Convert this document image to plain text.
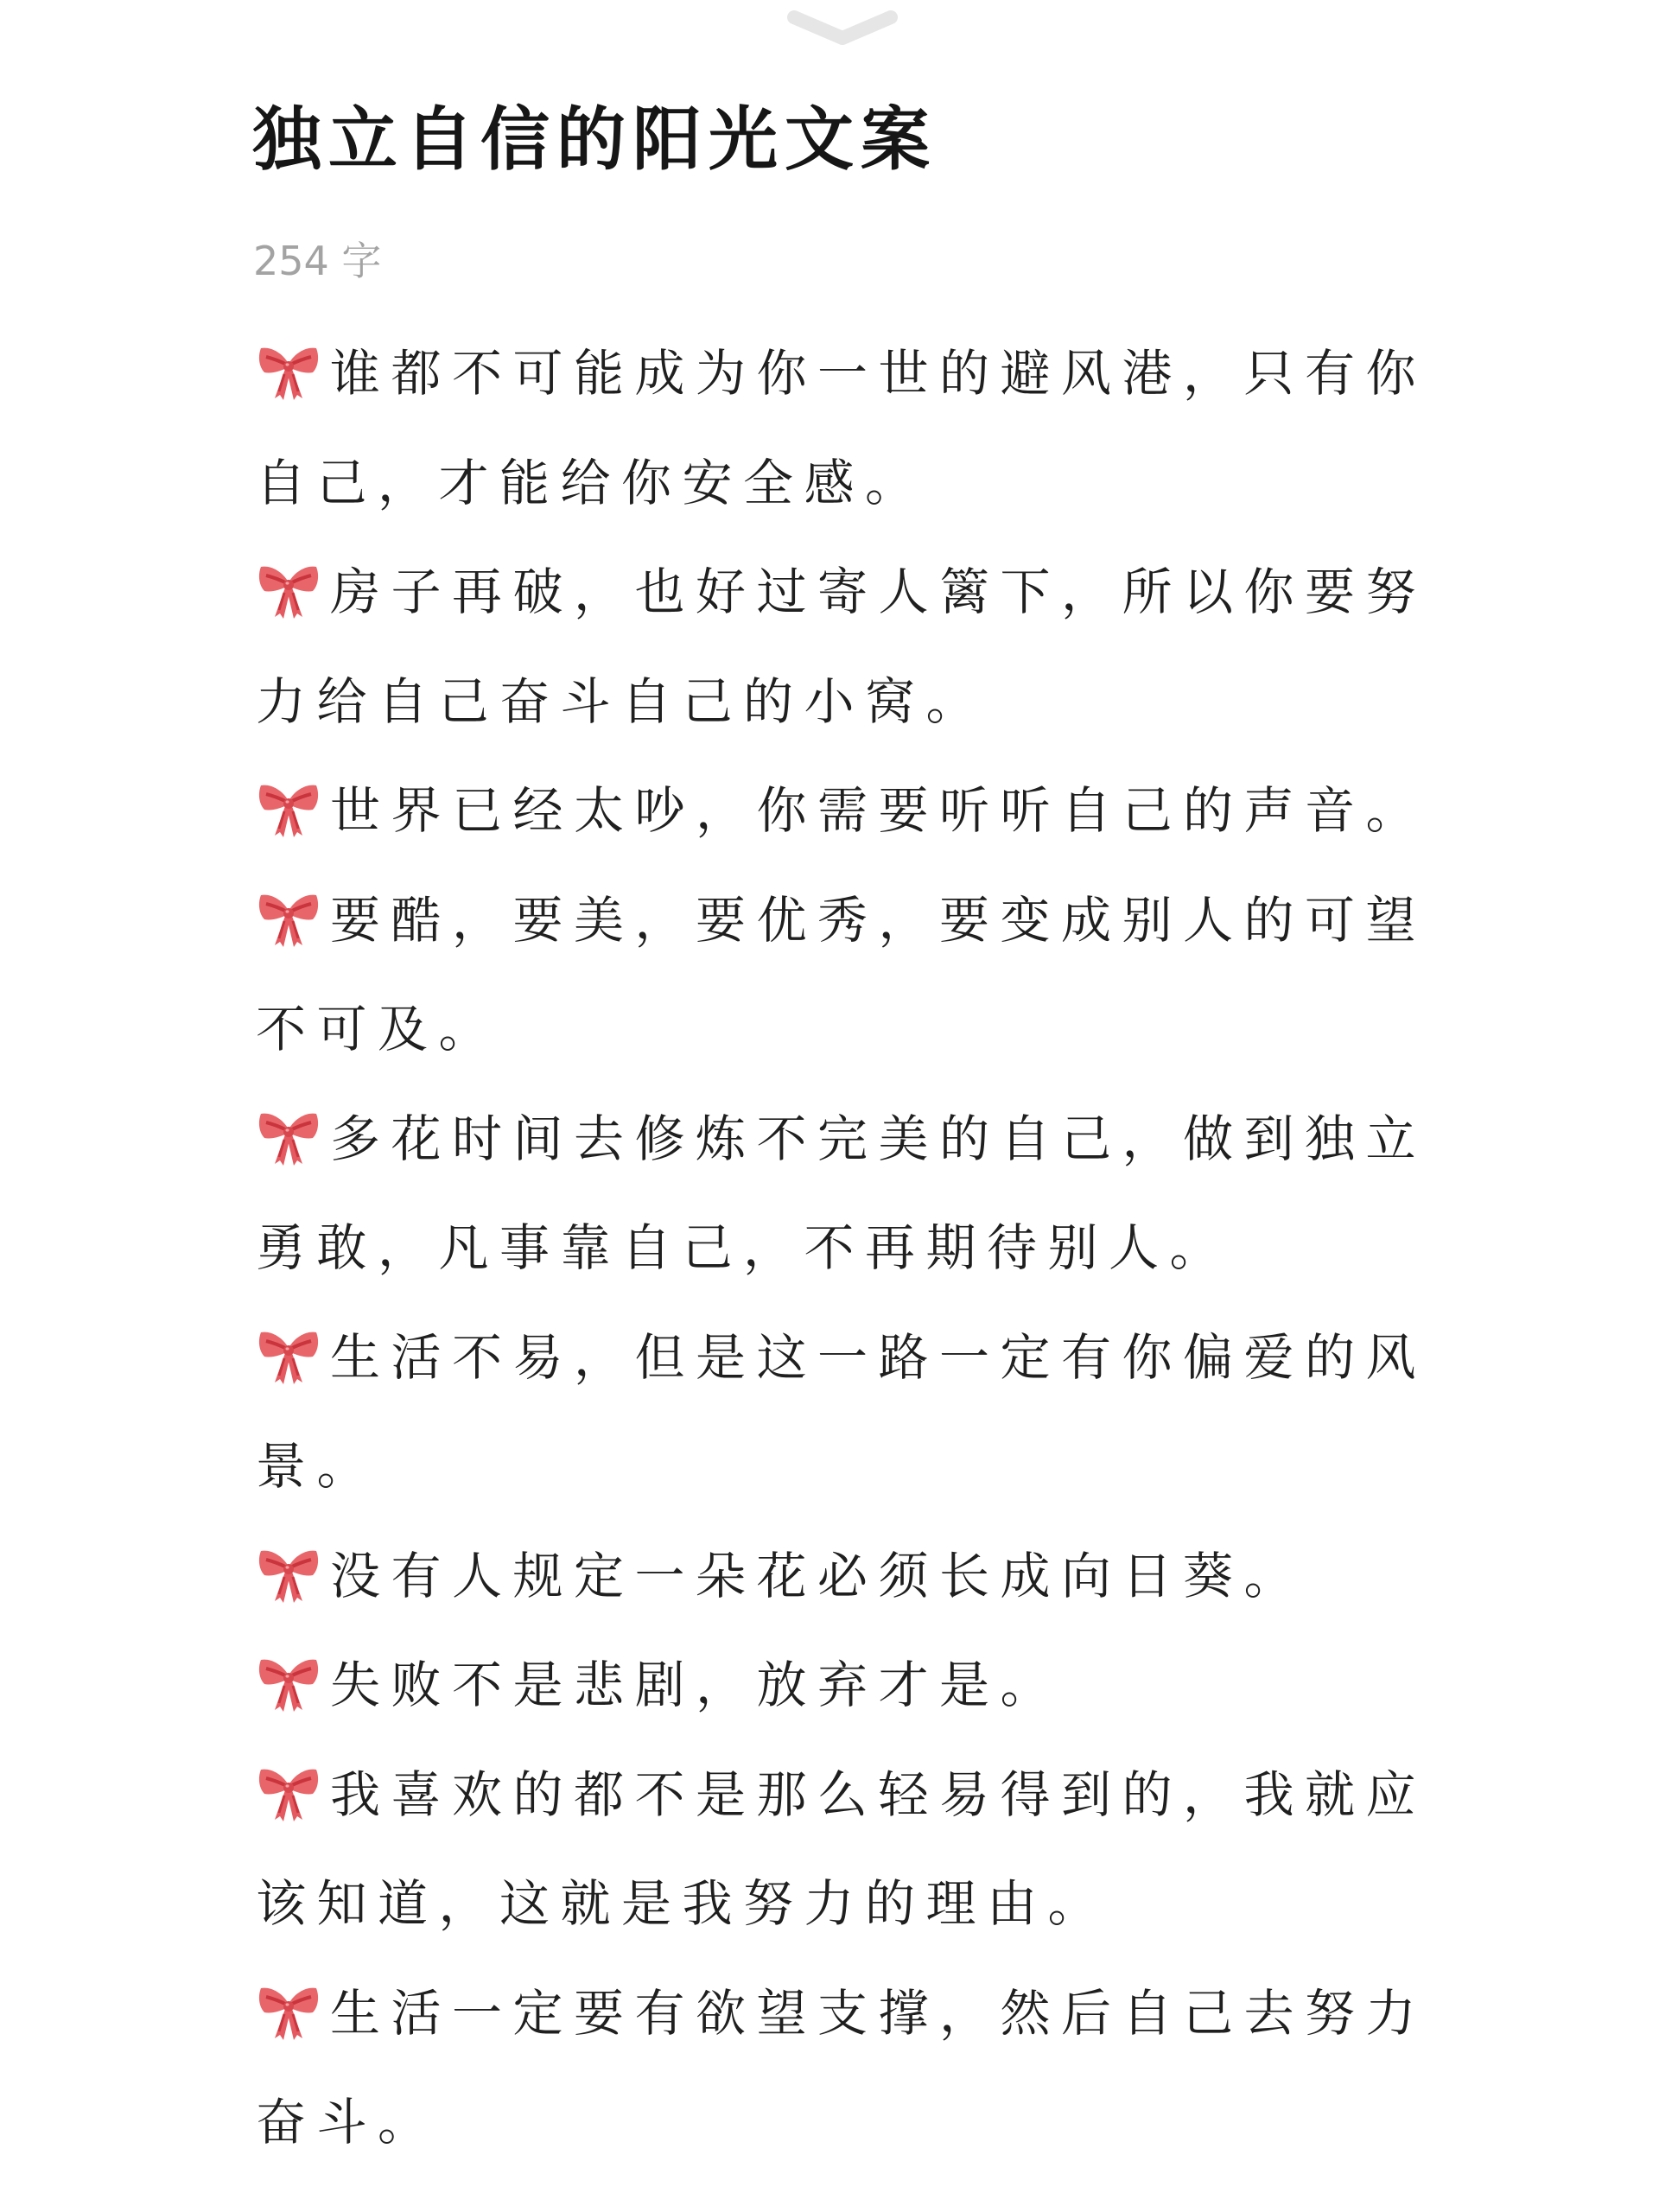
独立自信的阳光文案
254 字
谁都不可能成为你一世的避风港，只有你
自己，才能给你安全感。
房子再破，也好过寄人篱下，所以你要努
力给自己奋斗自己的小窝。
世界已经太吵，你需要听听自己的声音。
要酷，要美，要优秀，要变成别人的可望
不可及。
多花时间去修炼不完美的自己，做到独立
勇敢，凡事靠自己，不再期待别人。
生活不易，但是这一路一定有你偏爱的风
景。
没有人规定一朵花必须长成向日葵。
失败不是悲剧，放弃才是。
我喜欢的都不是那么轻易得到的，我就应
该知道，这就是我努力的理由。
生活一定要有欲望支撑，然后自己去努力
奋斗。
